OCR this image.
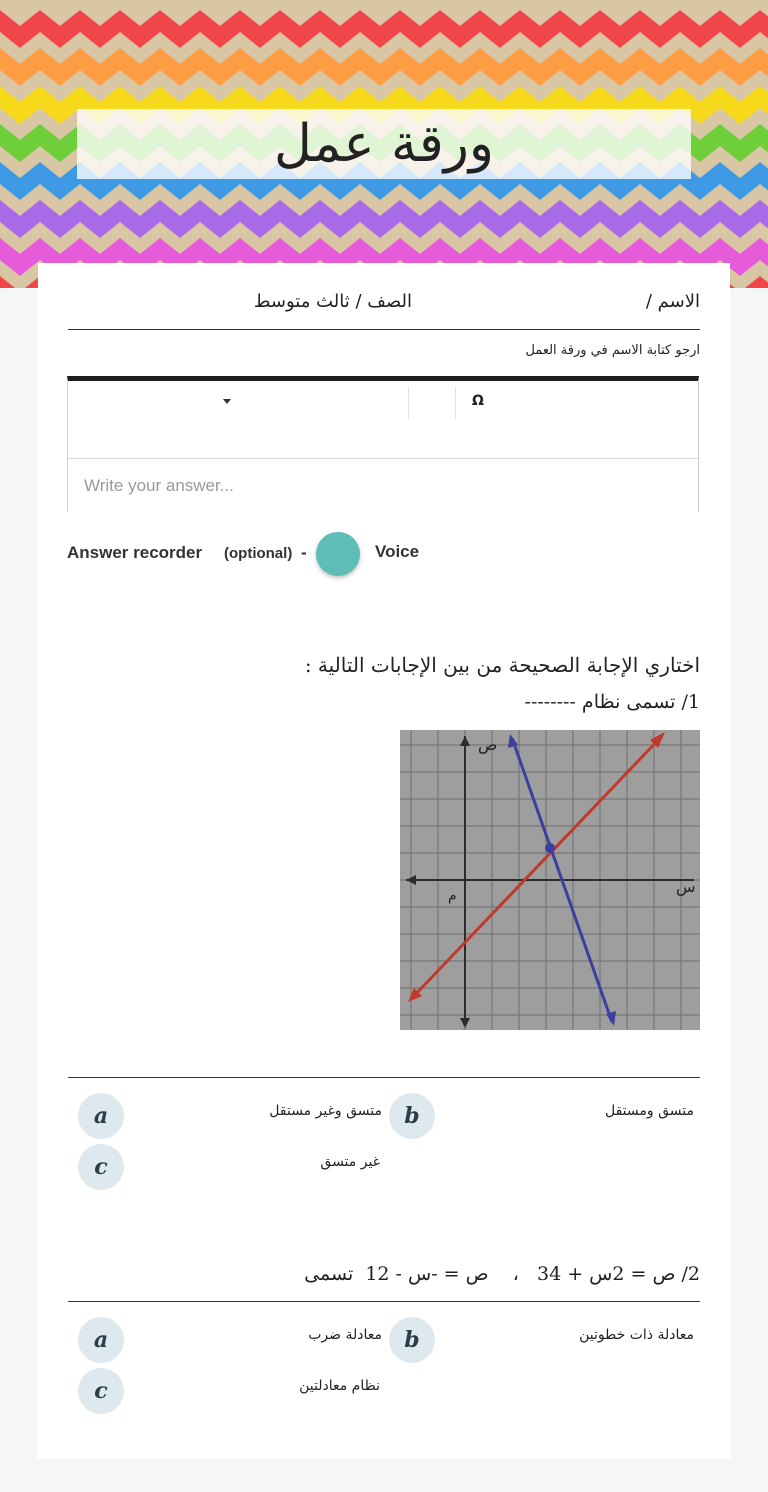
ورقة عمل
الاسم /
الصف / ثالث متوسط
ارجو كتابة الاسم في ورقة العمل
Ω
Write your answer...
Answer recorder (optional) -	Voice
اختاري الإجابة الصحيحة من بين الإجابات التالية :
1/ تسمى نظام --------
ص
س
م
a	متسق ومستقل
b
متسق وغير مستقل
c	غير متسق
2/ ص = 2س + 34   ،    ص = -س - 12  تسمى
a	معادلة ذات خطوتين
b
معادلة ضرب
c	نظام معادلتين
